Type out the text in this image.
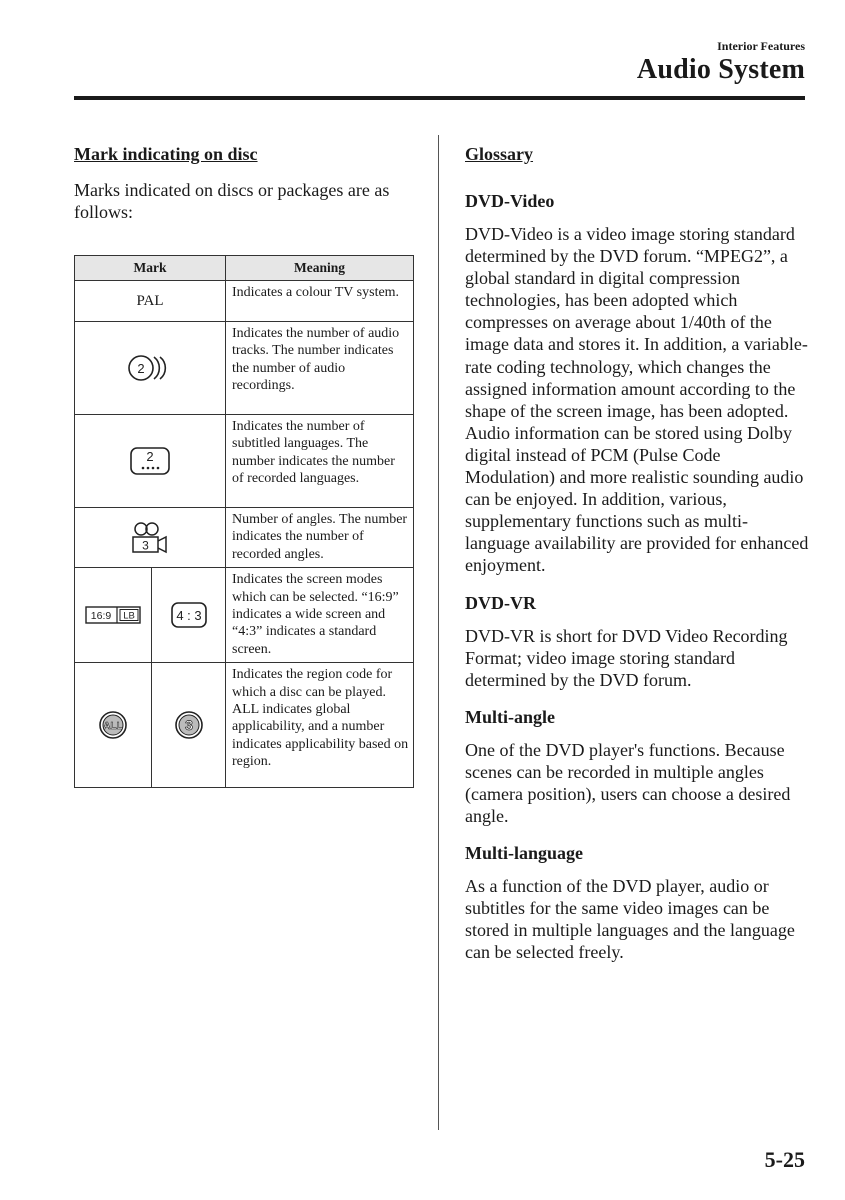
Interior Features
Audio System
Mark indicating on disc

Marks indicated on discs or packages are as follows:

Mark		Meaning
PAL		Indicates a colour TV system.

2		Indicates the number of audio tracks. The number indicates the number of audio recordings.

2		Indicates the number of subtitled languages. The number indicates the number of recorded languages.

3		Number of angles. The number indicates the number of recorded angles.

16:9 LB	4 : 3	Indicates the screen modes which can be selected. “16:9” indicates a wide screen and “4:3” indicates a standard screen.

ALL	3	Indicates the region code for which a disc can be played. ALL indicates global applicability, and a number indicates applicability based on region.
Glossary
DVD-Video

DVD-Video is a video image storing standard determined by the DVD forum. “MPEG2”, a global standard in digital compression technologies, has been adopted which compresses on average about 1/40th of the image data and stores it. In addition, a variable-rate coding technology, which changes the assigned information amount according to the shape of the screen image, has been adopted. Audio information can be stored using Dolby digital instead of PCM (Pulse Code Modulation) and more realistic sounding audio can be enjoyed. In addition, various, supplementary functions such as multi-language availability are provided for enhanced enjoyment.

DVD-VR

DVD-VR is short for DVD Video Recording Format; video image storing standard determined by the DVD forum.

Multi-angle

One of the DVD player's functions. Because scenes can be recorded in multiple angles (camera position), users can choose a desired angle.

Multi-language

As a function of the DVD player, audio or subtitles for the same video images can be stored in multiple languages and the language can be selected freely.

5-25
